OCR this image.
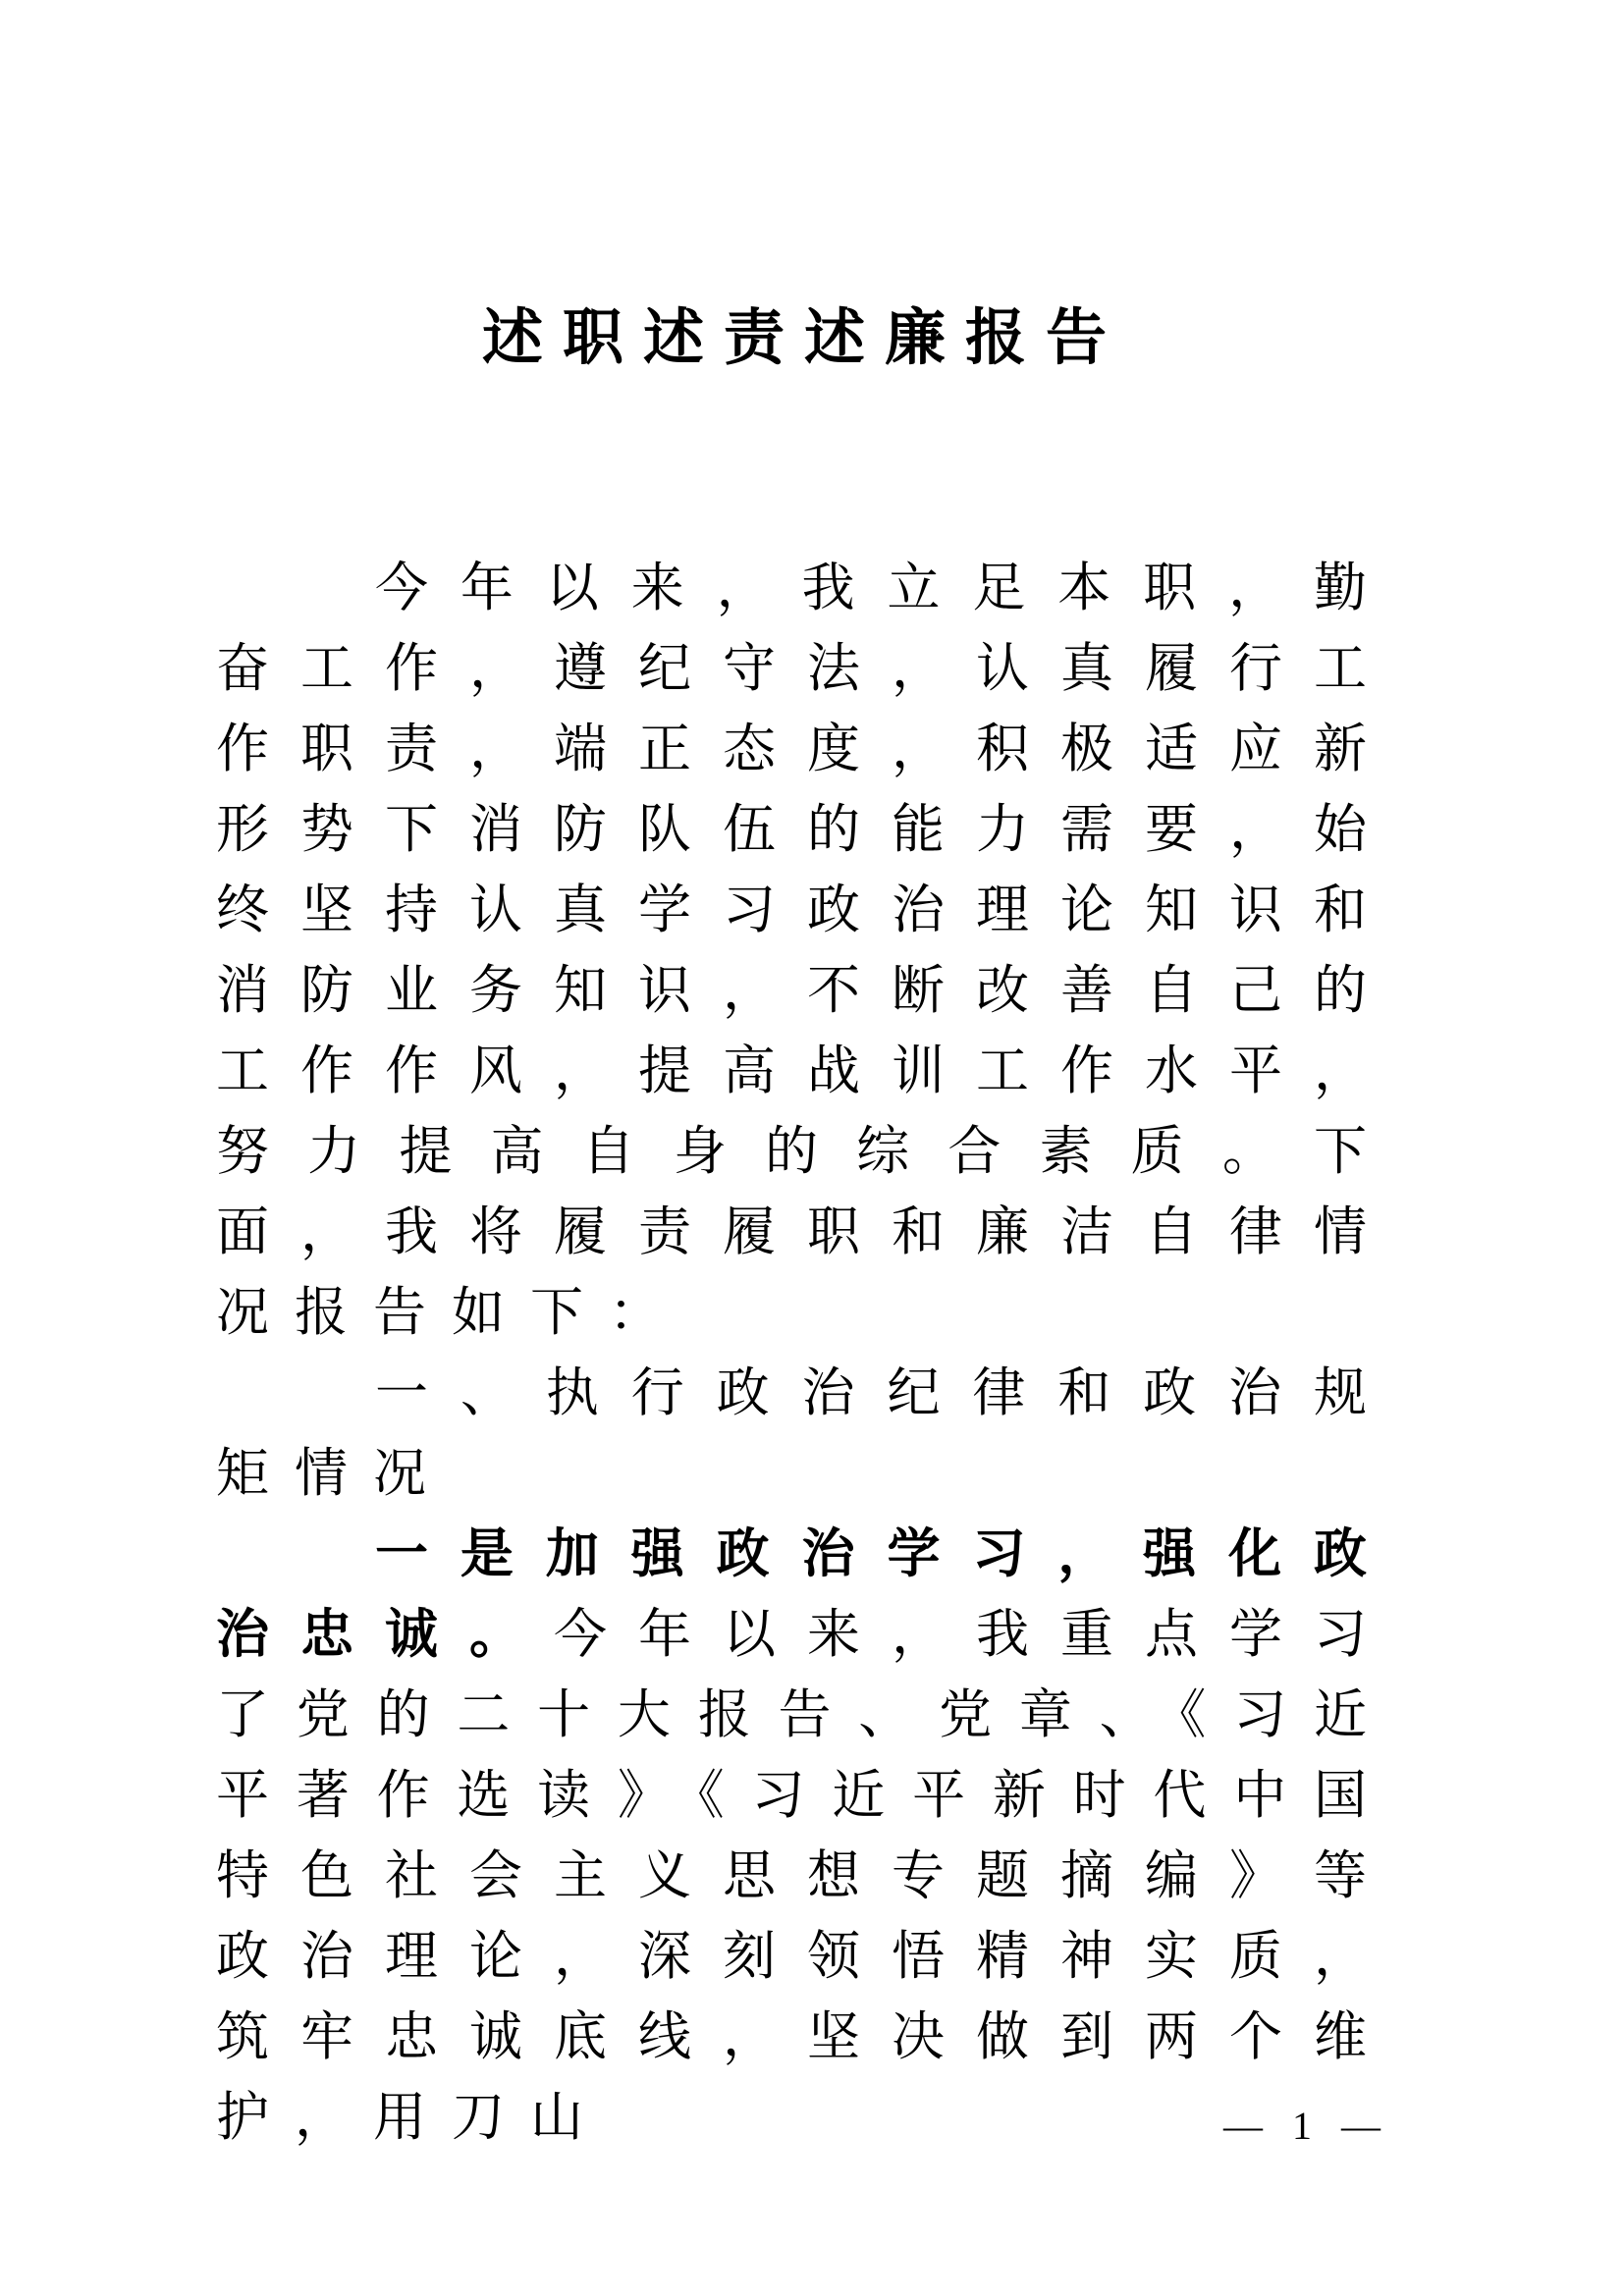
述职述责述廉报告

今年以来，我立足本职，勤奋工作，遵纪守法，认真履行工作职责，端正态度，积极适应新形势下消防队伍的能力需要，始终坚持认真学习政治理论知识和消防业务知识，不断改善自己的工作作风，提高战训工作水平，努力提高自身的综合素质。下面，我将履责履职和廉洁自律情况报告如下：

一、执行政治纪律和政治规矩情况

一是加强政治学习，强化政治忠诚。今年以来，我重点学习了党的二十大报告、党章、《习近平著作选读》《习近平新时代中国特色社会主义思想专题摘编》等政治理论，深刻领悟精神实质，筑牢忠诚底线，坚决做到两个维护，用刀山	— 1 —
